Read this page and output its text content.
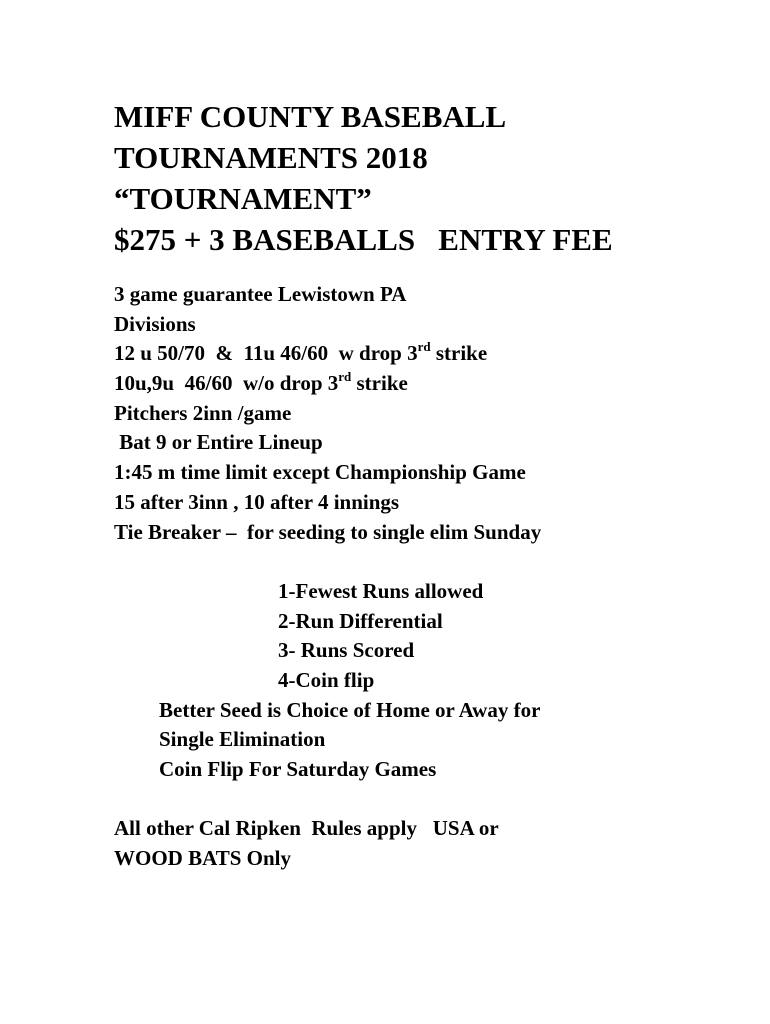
MIFF COUNTY BASEBALL
TOURNAMENTS 2018
“TOURNAMENT”
$275 + 3 BASEBALLS   ENTRY FEE
3 game guarantee Lewistown PA
Divisions
12 u 50/70  &  11u 46/60  w drop 3rd strike
10u,9u  46/60  w/o drop 3rd strike
Pitchers 2inn /game
Bat 9 or Entire Lineup
1:45 m time limit except Championship Game
15 after 3inn , 10 after 4 innings
Tie Breaker –  for seeding to single elim Sunday
1-Fewest Runs allowed
2-Run Differential
3- Runs Scored
4-Coin flip
Better Seed is Choice of Home or Away for
Single Elimination
Coin Flip For Saturday Games
All other Cal Ripken  Rules apply   USA or
WOOD BATS Only
